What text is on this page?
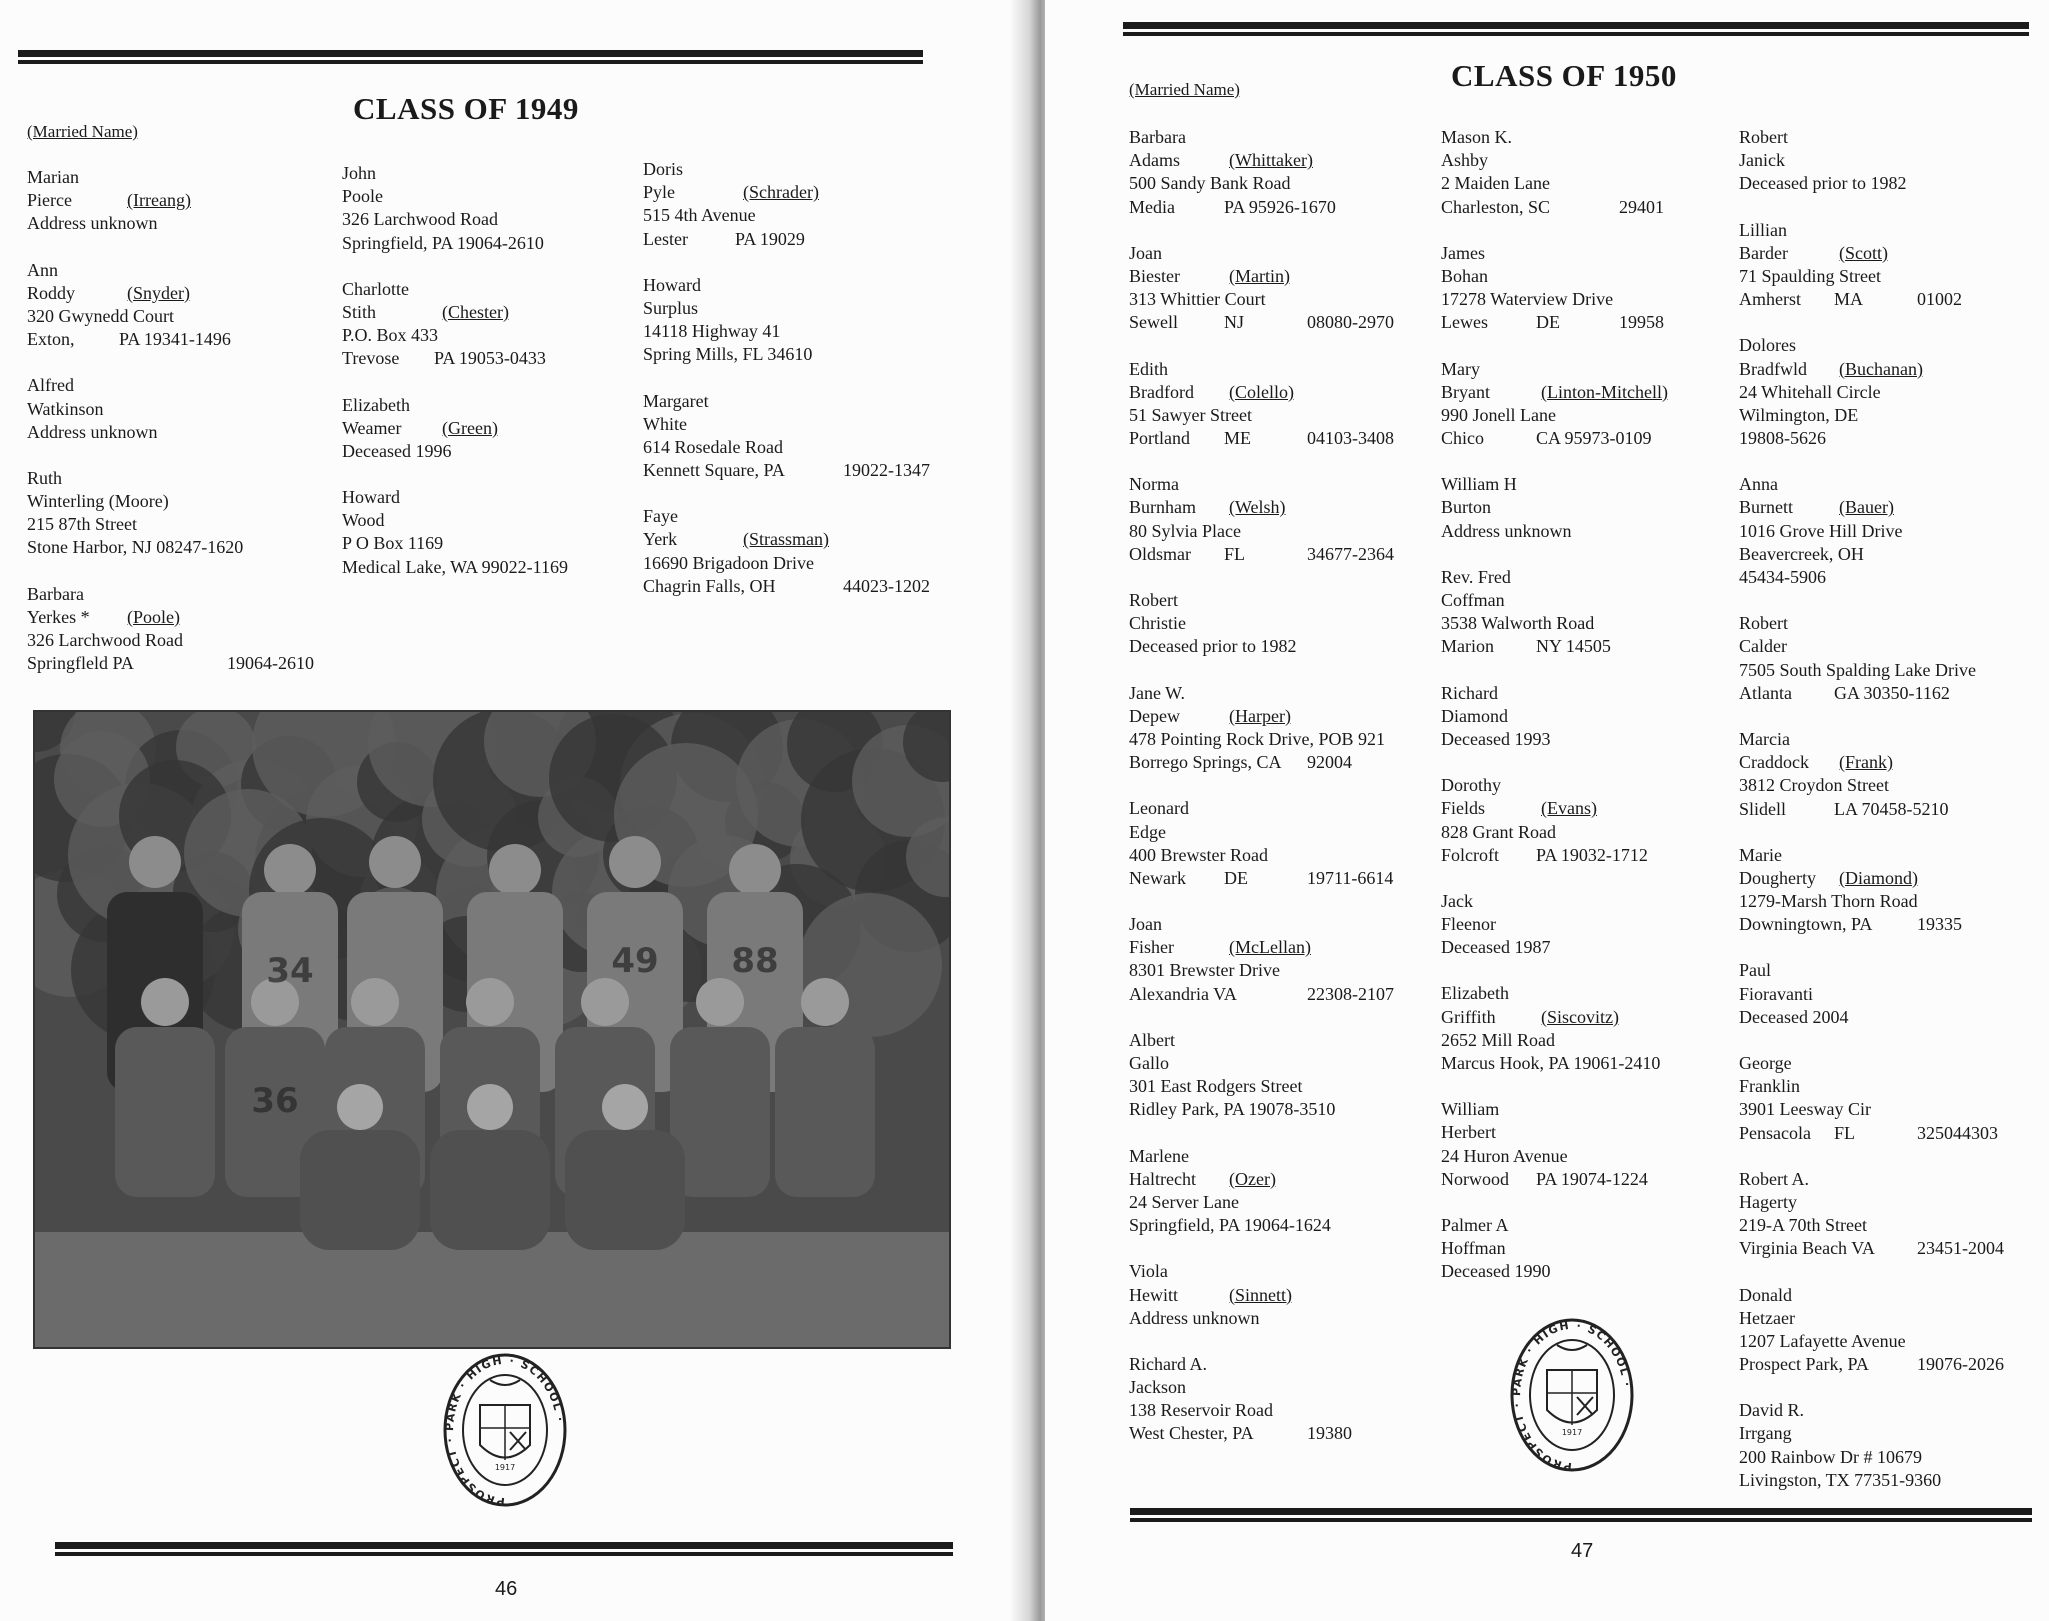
CLASS OF 1949
(Married Name)
Marian
Pierce	(Irreang)
Address unknown
Ann
Roddy	(Snyder)
320 Gwynedd Court
Exton, PA 19341-1496
Alfred
Watkinson
Address unknown
Ruth
Winterling (Moore)
215 87th Street
Stone Harbor, NJ 08247-1620
Barbara
Yerkes * (Poole)
326 Larchwood Road
Springfleld PA	19064-2610
John
Poole
326 Larchwood Road
Springfield, PA 19064-2610
Charlotte
Stith	(Chester)
P.O. Box 433
Trevose PA 19053-0433
Elizabeth
Weamer (Green)
Deceased 1996
Howard
Wood
P O Box 1169
Medical Lake, WA 99022-1169
Doris
Pyle	(Schrader)
515 4th Avenue
Lester	PA 19029
Howard
Surplus
14118 Highway 41
Spring Mills, FL 34610
Margaret
White
614 Rosedale Road
Kennett Square, PA	19022-1347
Faye
Yerk	(Strassman)
16690 Brigadoon Drive
Chagrin Falls, OH	44023-1202
34	49 88
36
PROSPECT · PARK · HIGH · SCHOOL ·
1917
46
CLASS OF 1950
(Married Name)
Barbara
Adams	(Whittaker)
500 Sandy Bank Road
Media	PA 95926-1670
Joan
Biester	(Martin)
313 Whittier Court
Sewell	NJ	08080-2970
Edith
Bradford (Colello)
51 Sawyer Street
Portland ME	04103-3408
Norma
Burnham (Welsh)
80 Sylvia Place
Oldsmar FL	34677-2364
Robert
Christie
Deceased prior to 1982
Jane W.
Depew	(Harper)
478 Pointing Rock Drive, POB 921
Borrego Springs, CA 92004
Leonard
Edge
400 Brewster Road
Newark DE	19711-6614
Joan
Fisher	(McLellan)
8301 Brewster Drive
Alexandria VA	22308-2107
Albert
Gallo
301 East Rodgers Street
Ridley Park, PA 19078-3510
Marlene
Haltrecht (Ozer)
24 Server Lane
Springfield, PA 19064-1624
Viola
Hewitt	(Sinnett)
Address unknown
Richard A.
Jackson
138 Reservoir Road
West Chester, PA	19380
Mason K.
Ashby
2 Maiden Lane
Charleston, SC	29401
James
Bohan
17278 Waterview Drive
Lewes	DE	19958
Mary
Bryant	(Linton-Mitchell)
990 Jonell Lane
Chico	CA 95973-0109
William H
Burton
Address unknown
Rev. Fred
Coffman
3538 Walworth Road
Marion NY 14505
Richard
Diamond
Deceased 1993
Dorothy
Fields	(Evans)
828 Grant Road
Folcroft PA 19032-1712
Jack
Fleenor
Deceased 1987
Elizabeth
Griffith	(Siscovitz)
2652 Mill Road
Marcus Hook, PA 19061-2410
William
Herbert
24 Huron Avenue
Norwood PA 19074-1224
Palmer A
Hoffman
Deceased 1990
Robert
Janick
Deceased prior to 1982
Lillian
Barder	(Scott)
71 Spaulding Street
Amherst MA	01002
Dolores
Bradfwld (Buchanan)
24 Whitehall Circle
Wilmington, DE
19808-5626
Anna
Burnett	(Bauer)
1016 Grove Hill Drive
Beavercreek, OH
45434-5906
Robert
Calder
7505 South Spalding Lake Drive
Atlanta GA 30350-1162
Marcia
Craddock (Frank)
3812 Croydon Street
Slidell	LA 70458-5210
Marie
Dougherty (Diamond)
1279-Marsh Thorn Road
Downingtown, PA 19335
Paul
Fioravanti
Deceased 2004
George
Franklin
3901 Leesway Cir
Pensacola FL	325044303
Robert A.
Hagerty
219-A 70th Street
Virginia Beach VA 23451-2004
Donald
Hetzaer
1207 Lafayette Avenue
Prospect Park, PA	19076-2026
David R.
Irrgang
200 Rainbow Dr # 10679
Livingston, TX 77351-9360
PROSPECT · PARK · HIGH · SCHOOL ·
1917
47
